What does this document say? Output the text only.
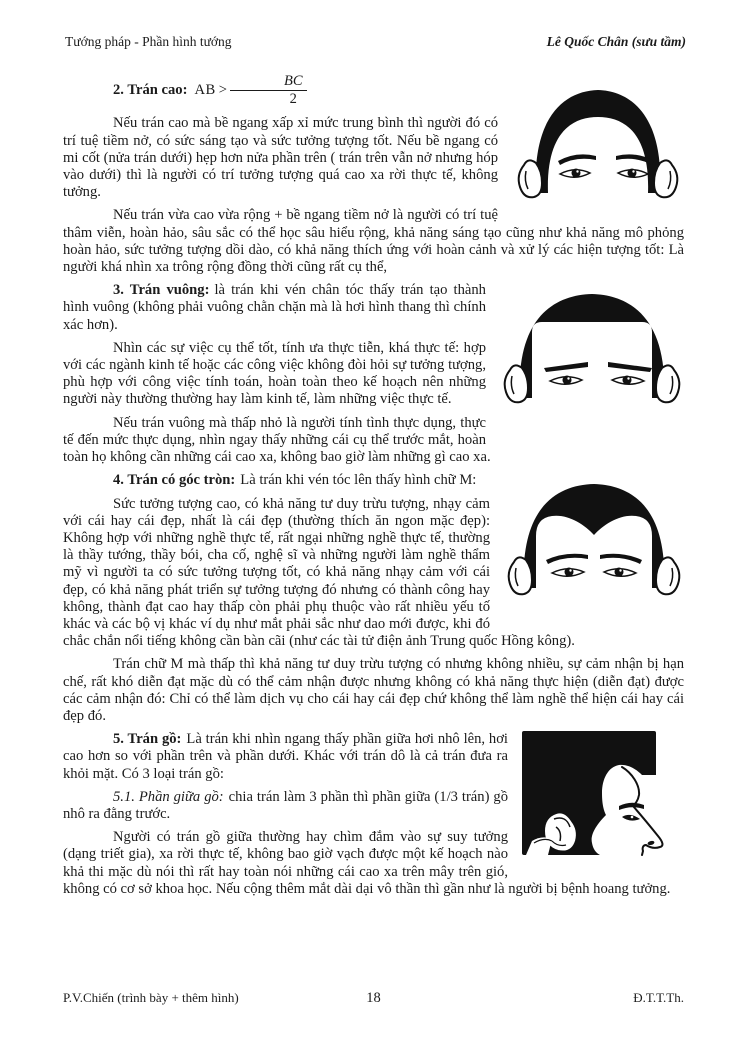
Tướng pháp - Phần hình tướng	Lê Quốc Chân (sưu tầm)

2. Trán cao: AB > $\frac{BC}{2}$

Nếu trán cao mà bề ngang xấp xỉ mức trung bình thì người đó có trí tuệ tiềm nở, có sức sáng tạo và sức tưởng tượng tốt. Nếu bề ngang có mi cốt (nửa trán dưới) hẹp hơn nửa phần trên ( trán trên vẫn nở nhưng hóp vào dưới) thì là người có trí tưởng tượng quá cao xa rời thực tế, không tưởng.

Nếu trán vừa cao vừa rộng + bề ngang tiềm nở là người có trí tuệ thâm viễn, hoàn hảo, sâu sắc có thể học sâu hiểu rộng, khả năng sáng tạo cũng như khả năng mô phỏng hoàn hảo, sức tưởng tượng dồi dào, có khả năng thích ứng với hoàn cảnh và xử lý các hiện tượng tốt: Là người khá nhìn xa trông rộng đồng thời cũng rất cụ thể,

3. Trán vuông: là trán khi vén chân tóc thấy trán tạo thành hình vuông (không phải vuông chằn chặn mà là hơi hình thang thì chính xác hơn).

Nhìn các sự việc cụ thể tốt, tính ưa thực tiễn, khá thực tế: hợp với các ngành kinh tế hoặc các công việc không đòi hỏi sự tưởng tượng, phù hợp với công việc tính toán, hoàn toàn theo kế hoạch nên những người này thường thường hay làm kinh tế, làm những việc thực tế.

Nếu trán vuông mà thấp nhỏ là người tính tình thực dụng, thực tế đến mức thực dụng, nhìn ngay thấy những cái cụ thể trước mắt, hoàn toàn họ không cần những cái cao xa, không bao giờ làm những gì cao xa.

4. Trán có góc tròn: Là trán khi vén tóc lên thấy hình chữ M:

Sức tưởng tượng cao, có khả năng tư duy trừu tượng, nhạy cảm với cái hay cái đẹp, nhất là cái đẹp (thường thích ăn ngon mặc đẹp): Không hợp với những nghề thực tế, rất ngại những nghề thực tế, thường là thầy tướng, thầy bói, cha cố, nghệ sĩ và những người làm nghề thẩm mỹ vì người ta có sức tưởng tượng tốt, có khả năng nhạy cảm với cái đẹp, có khả năng phát triển sự tưởng tượng đó nhưng có thành công hay không, thành đạt cao hay thấp còn phải phụ thuộc vào rất nhiều yếu tố khác và các bộ vị khác ví dụ như mắt phải sắc như dao mới được, khi đó chắc chắn nổi tiếng không cần bàn cãi (như các tài tử điện ảnh Trung quốc Hồng kông).

Trán chữ M mà thấp thì khả năng tư duy trừu tượng có nhưng không nhiều, sự cảm nhận bị hạn chế, rất khó diễn đạt mặc dù có thể cảm nhận được nhưng không có khả năng thực hiện (diễn đạt) được các cảm nhận đó: Chỉ có thể làm dịch vụ cho cái hay cái đẹp chứ không thể làm nghề thể hiện cái hay cái đẹp đó.

5. Trán gồ: Là trán khi nhìn ngang thấy phần giữa hơi nhô lên, hơi cao hơn so với phần trên và phần dưới. Khác với trán dô là cả trán đưa ra khỏi mặt. Có 3 loại trán gồ:

5.1. Phần giữa gồ: chia trán làm 3 phần thì phần giữa (1/3 trán) gồ nhô ra đằng trước.

Người có trán gồ giữa thường hay chìm đắm vào sự suy tưởng (dạng triết gia), xa rời thực tế, không bao giờ vạch được một kế hoạch nào khả thi mặc dù nói thì rất hay toàn nói những cái cao xa trên mây trên gió, không có cơ sở khoa học. Nếu cộng thêm mắt dài dại vô thần thì gần như là người bị bệnh hoang tưởng.

P.V.Chiến (trình bày + thêm hình)	18	Đ.T.T.Th.
